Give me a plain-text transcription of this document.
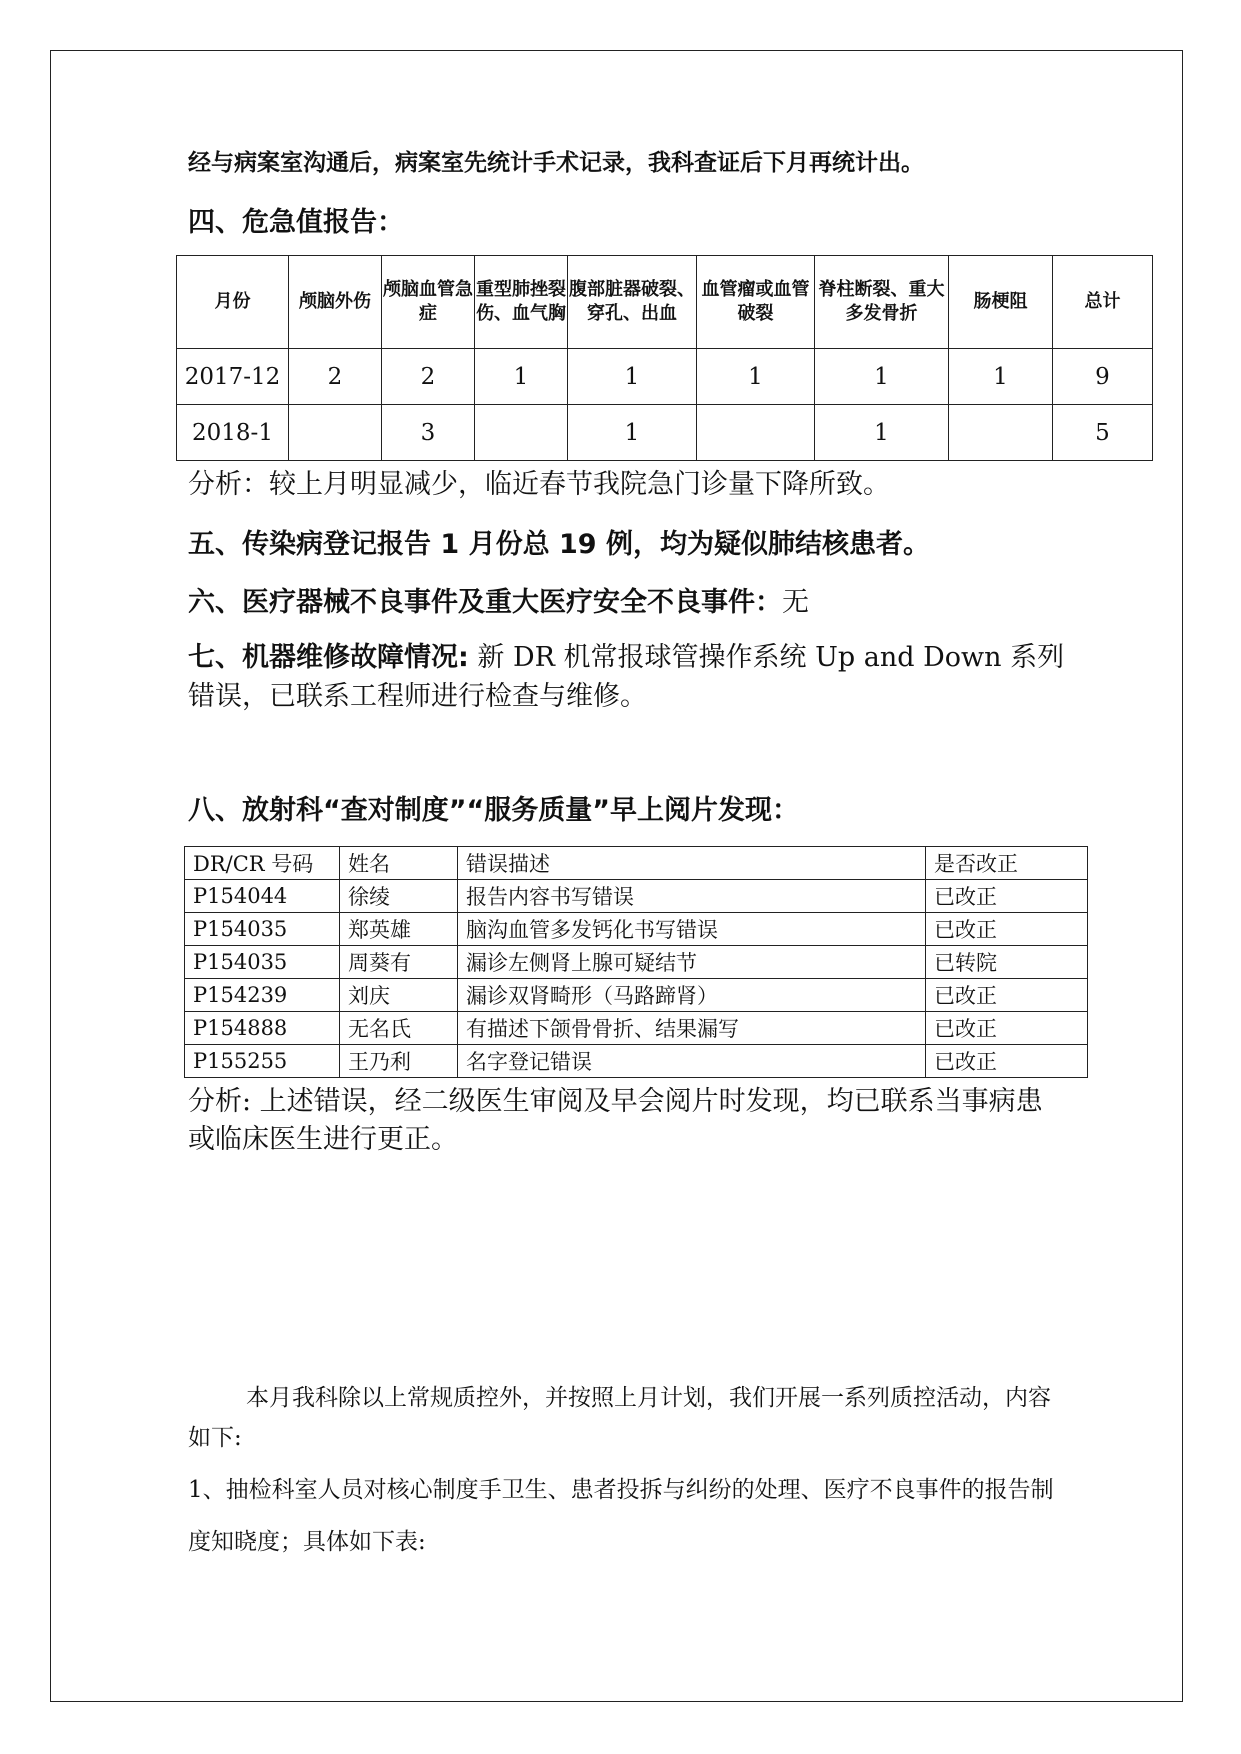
经与病案室沟通后，病案室先统计手术记录，我科查证后下月再统计出。
四、危急值报告：
月份	颅脑外伤	颅脑血管急症	重型肺挫裂伤、血气胸	腹部脏器破裂、穿孔、出血	血管瘤或血管破裂	脊柱断裂、重大多发骨折	肠梗阻	总计
2017-12	2	2	1	1	1	1	1	9
2018-1		3		1		1		5
分析：较上月明显减少，临近春节我院急门诊量下降所致。
五、传染病登记报告 1 月份总 19 例，均为疑似肺结核患者。
六、医疗器械不良事件及重大医疗安全不良事件：无
七、机器维修故障情况: 新 DR 机常报球管操作系统 Up and Down 系列错误，已联系工程师进行检查与维修。
八、放射科“查对制度”“服务质量”早上阅片发现：
DR/CR 号码	姓名	错误描述	是否改正
P154044	徐绫	报告内容书写错误	已改正
P154035	郑英雄	脑沟血管多发钙化书写错误	已改正
P154035	周葵有	漏诊左侧肾上腺可疑结节	已转院
P154239	刘庆	漏诊双肾畸形（马路蹄肾）	已改正
P154888	无名氏	有描述下颌骨骨折、结果漏写	已改正
P155255	王乃利	名字登记错误	已改正
分析: 上述错误，经二级医生审阅及早会阅片时发现，均已联系当事病患或临床医生进行更正。
本月我科除以上常规质控外，并按照上月计划，我们开展一系列质控活动，内容如下:
1、抽检科室人员对核心制度手卫生、患者投拆与纠纷的处理、医疗不良事件的报告制度知晓度；具体如下表:
